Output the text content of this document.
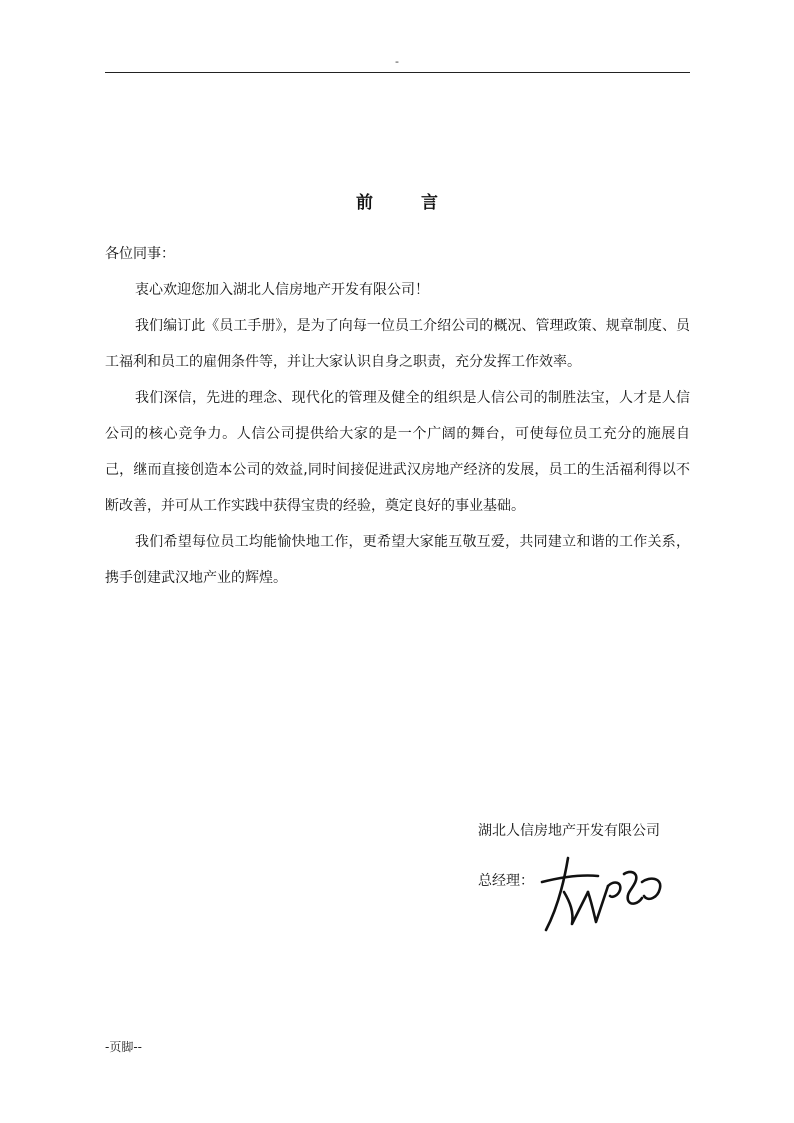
-
前言
各位同事：

衷心欢迎您加入湖北人信房地产开发有限公司！

我们编订此《员工手册》，是为了向每一位员工介绍公司的概况、管理政策、规章制度、员工福利和员工的雇佣条件等，并让大家认识自身之职责，充分发挥工作效率。

我们深信，先进的理念、现代化的管理及健全的组织是人信公司的制胜法宝，人才是人信公司的核心竞争力。人信公司提供给大家的是一个广阔的舞台，可使每位员工充分的施展自己，继而直接创造本公司的效益,同时间接促进武汉房地产经济的发展，员工的生活福利得以不断改善，并可从工作实践中获得宝贵的经验，奠定良好的事业基础。

我们希望每位员工均能愉快地工作，更希望大家能互敬互爱，共同建立和谐的工作关系，携手创建武汉地产业的辉煌。

湖北人信房地产开发有限公司
总经理：
-页脚--
